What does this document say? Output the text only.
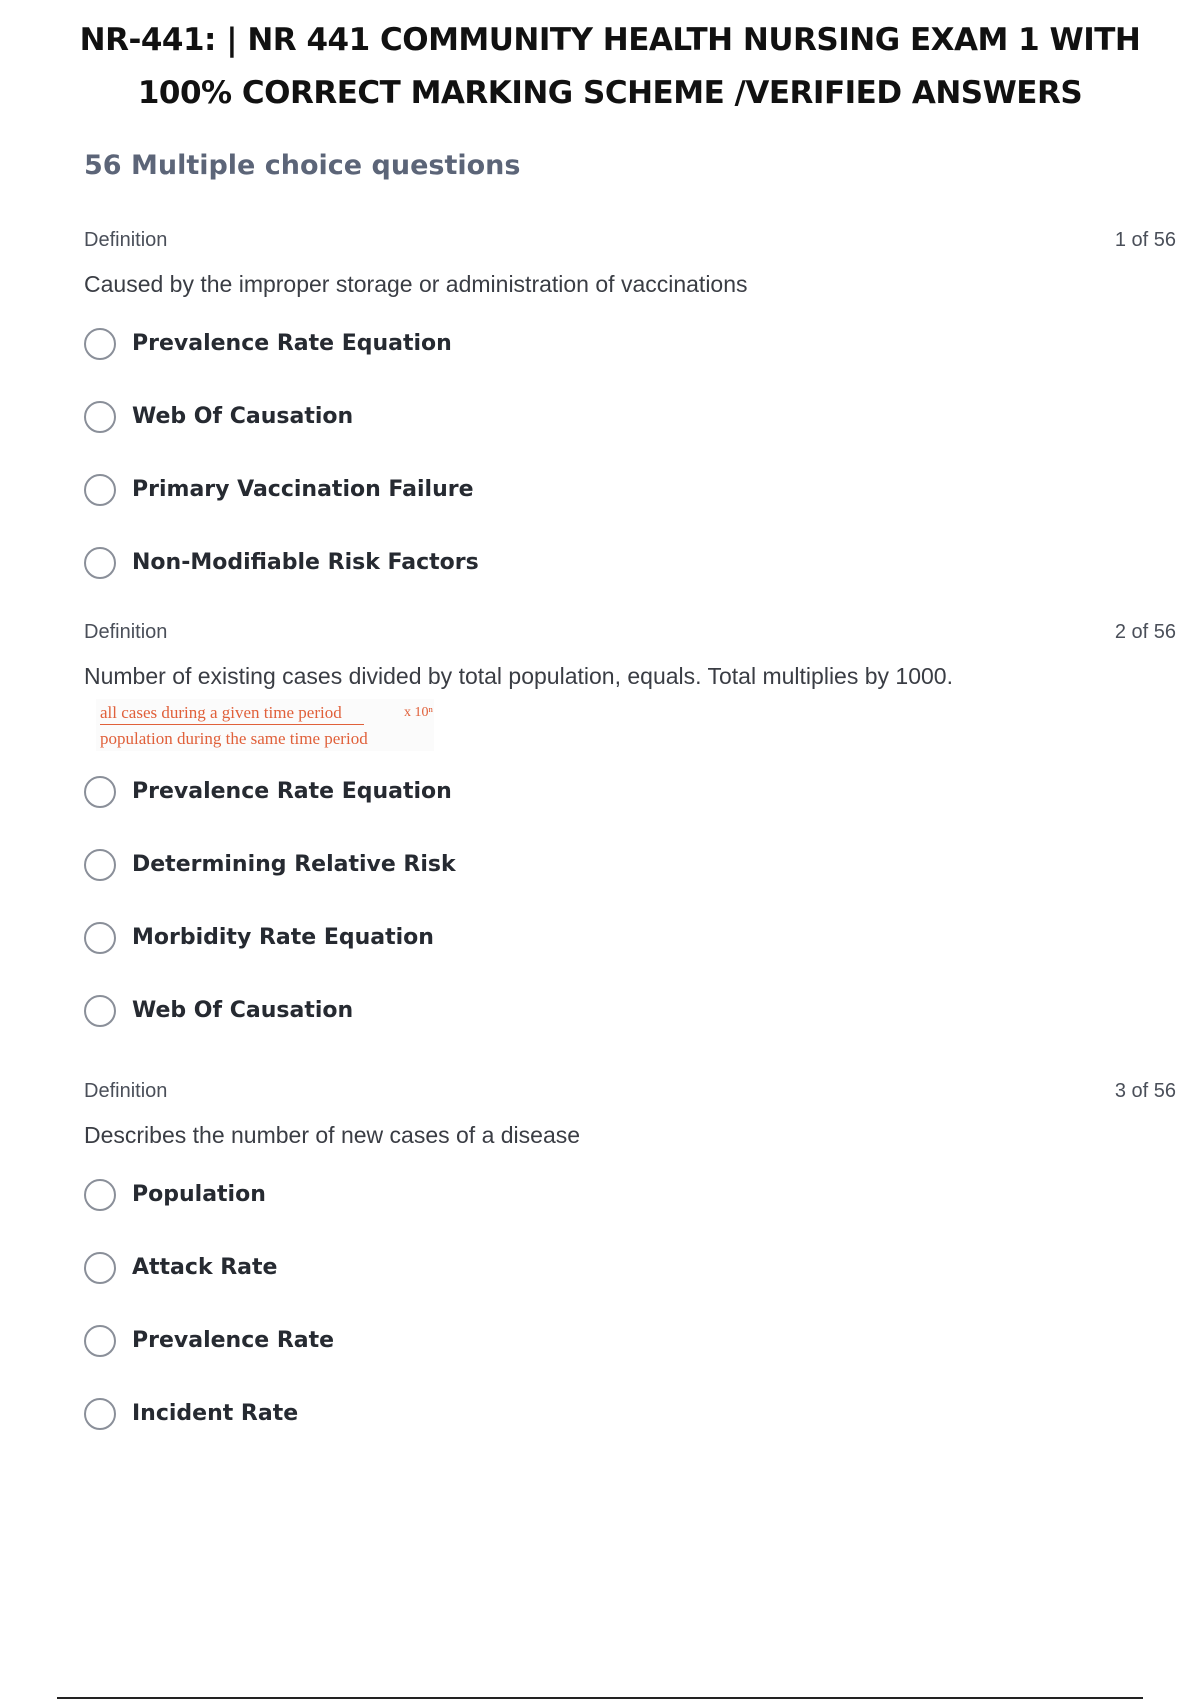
NR-441: | NR 441 COMMUNITY HEALTH NURSING EXAM 1 WITH
100% CORRECT MARKING SCHEME /VERIFIED ANSWERS
56 Multiple choice questions
Definition	1 of 56
Caused by the improper storage or administration of vaccinations
Prevalence Rate Equation
Web Of Causation
Primary Vaccination Failure
Non-Modifiable Risk Factors
Definition	2 of 56
Number of existing cases divided by total population, equals. Total multiplies by 1000.
all cases during a given time period	x 10ⁿ
population during the same time period
Prevalence Rate Equation
Determining Relative Risk
Morbidity Rate Equation
Web Of Causation
Definition	3 of 56
Describes the number of new cases of a disease
Population
Attack Rate
Prevalence Rate
Incident Rate
